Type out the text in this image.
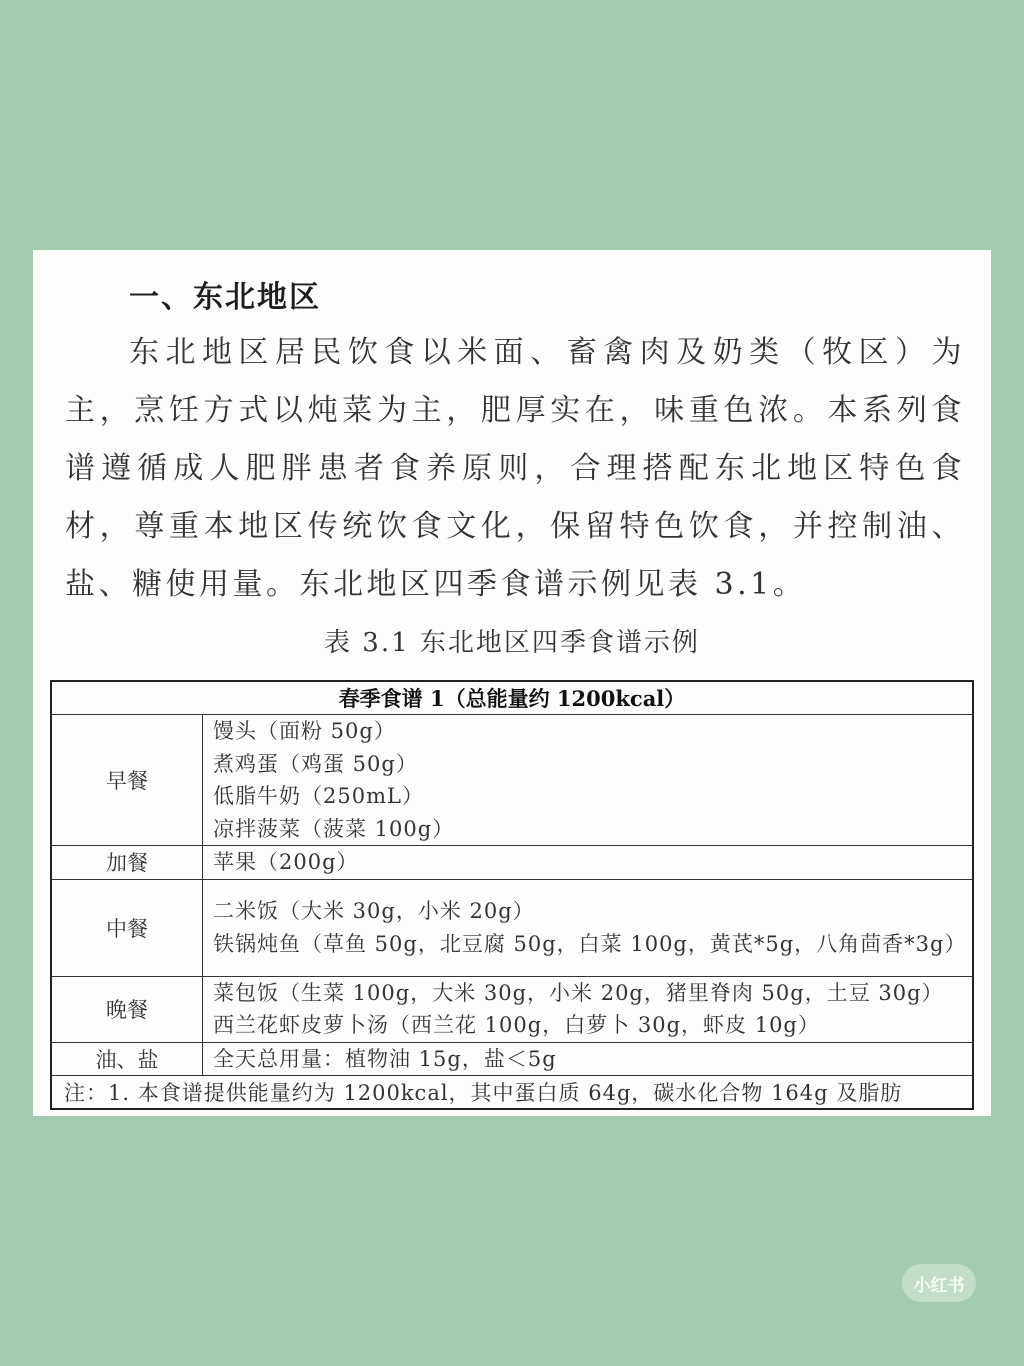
一、东北地区

东北地区居民饮食以米面、畜禽肉及奶类（牧区）为主，烹饪方式以炖菜为主，肥厚实在，味重色浓。本系列食谱遵循成人肥胖患者食养原则，合理搭配东北地区特色食材，尊重本地区传统饮食文化，保留特色饮食，并控制油、盐、糖使用量。东北地区四季食谱示例见表 3.1。

表 3.1 东北地区四季食谱示例
春季食谱 1（总能量约 1200kcal）	
早餐	馒头（面粉 50g）
煮鸡蛋（鸡蛋 50g）
低脂牛奶（250mL）
凉拌菠菜（菠菜 100g）

加餐	苹果（200g）

中餐	二米饭（大米 30g，小米 20g）
铁锅炖鱼（草鱼 50g，北豆腐 50g，白菜 100g，黄芪*5g，八角茴香*3g）

晚餐	菜包饭（生菜 100g，大米 30g，小米 20g，猪里脊肉 50g，土豆 30g）
西兰花虾皮萝卜汤（西兰花 100g，白萝卜 30g，虾皮 10g）

油、盐	全天总用量：植物油 15g，盐＜5g

注：1. 本食谱提供能量约为 1200kcal，其中蛋白质 64g，碳水化合物 164g 及脂肪	
小红书
